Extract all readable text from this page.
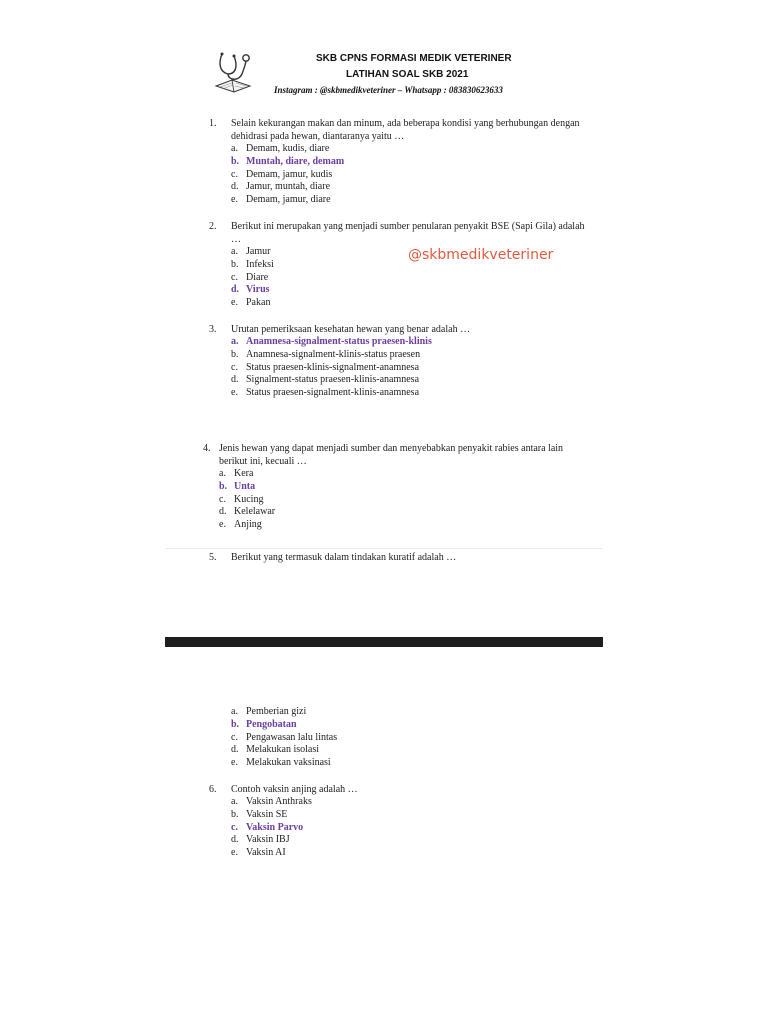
SKB CPNS FORMASI MEDIK VETERINER
LATIHAN SOAL SKB 2021
Instagram : @skbmedikveteriner – Whatsapp : 083830623633
@skbmedikveteriner
1. Selain kekurangan makan dan minum, ada beberapa kondisi yang berhubungan dengan
dehidrasi pada hewan, diantaranya yaitu …
a. Demam, kudis, diare
b. Muntah, diare, demam
c. Demam, jamur, kudis
d. Jamur, muntah, diare
e. Demam, jamur, diare
2. Berikut ini merupakan yang menjadi sumber penularan penyakit BSE (Sapi Gila) adalah
…
a. Jamur
b. Infeksi
c. Diare
d. Virus
e. Pakan
3. Urutan pemeriksaan kesehatan hewan yang benar adalah …
a. Anamnesa-signalment-status praesen-klinis
b. Anamnesa-signalment-klinis-status praesen
c. Status praesen-klinis-signalment-anamnesa
d. Signalment-status praesen-klinis-anamnesa
e. Status praesen-signalment-klinis-anamnesa
4. Jenis hewan yang dapat menjadi sumber dan menyebabkan penyakit rabies antara lain
berikut ini, kecuali …
a. Kera
b. Unta
c. Kucing
d. Kelelawar
e. Anjing
5. Berikut yang termasuk dalam tindakan kuratif adalah …
a. Pemberian gizi
b. Pengobatan
c. Pengawasan lalu lintas
d. Melakukan isolasi
e. Melakukan vaksinasi
6. Contoh vaksin anjing adalah …
a. Vaksin Anthraks
b. Vaksin SE
c. Vaksin Parvo
d. Vaksin IBJ
e. Vaksin AI
